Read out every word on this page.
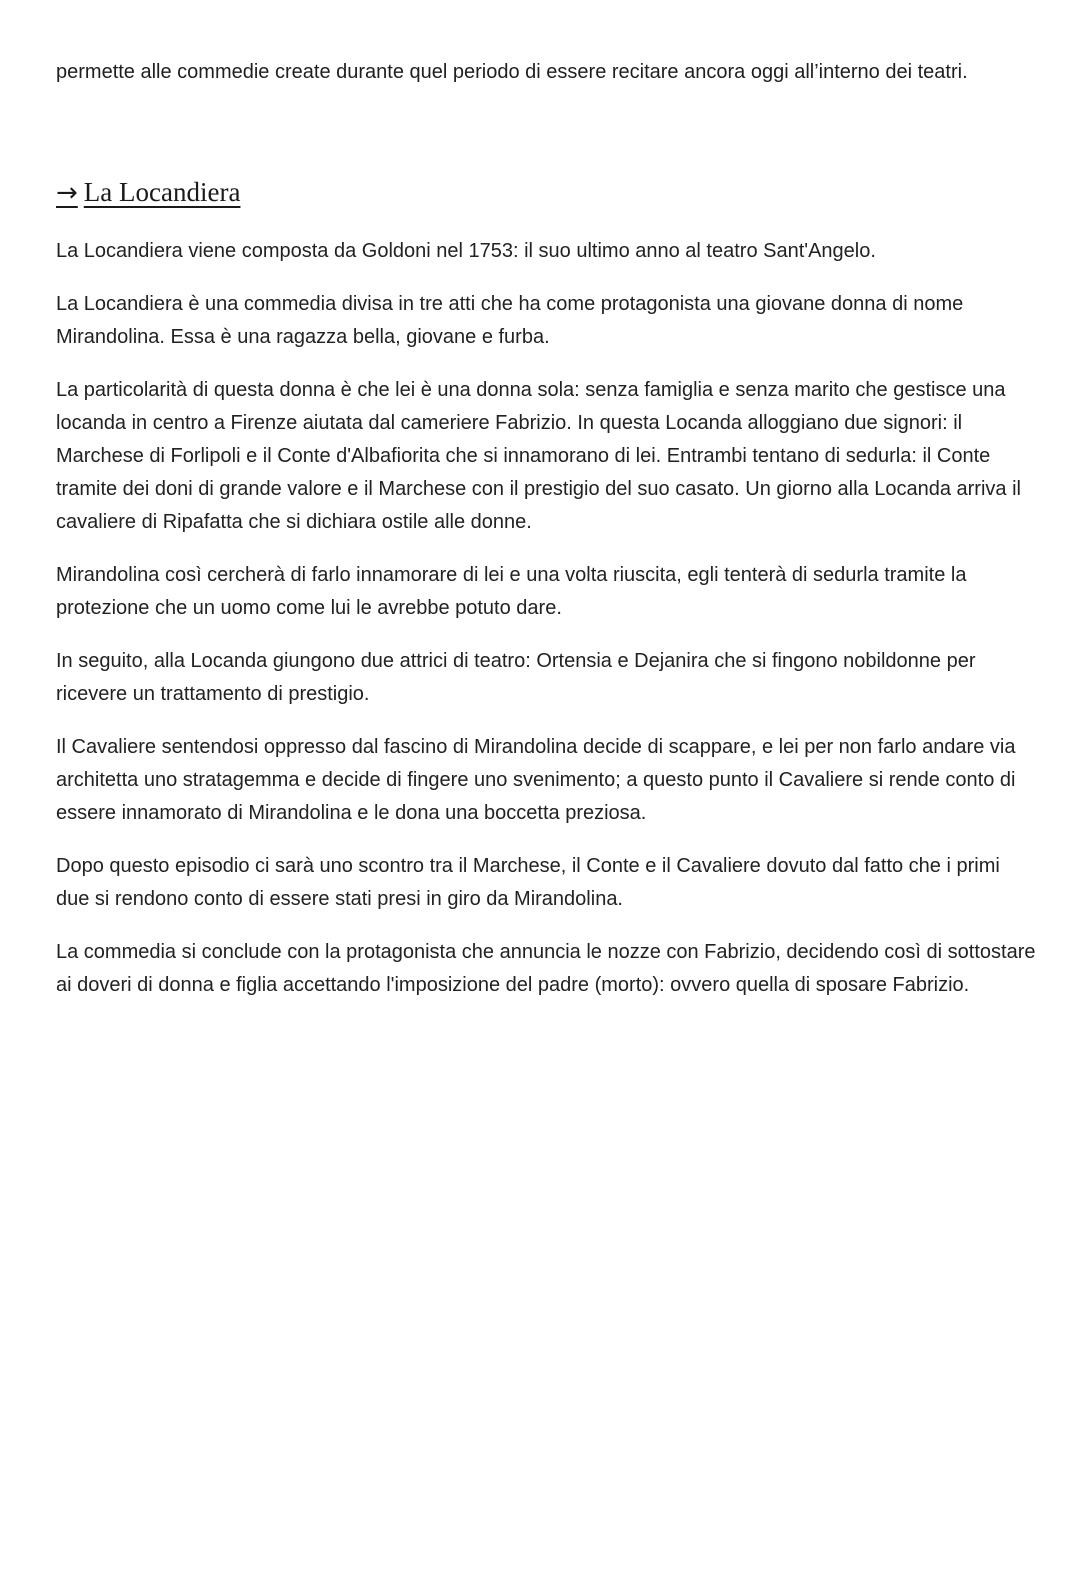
permette alle commedie create durante quel periodo di essere recitare ancora oggi all’interno dei teatri.

→ La Locandiera

La Locandiera viene composta da Goldoni nel 1753: il suo ultimo anno al teatro Sant'Angelo.

La Locandiera è una commedia divisa in tre atti che ha come protagonista una giovane donna di nome Mirandolina. Essa è una ragazza bella, giovane e furba.

La particolarità di questa donna è che lei è una donna sola: senza famiglia e senza marito che gestisce una locanda in centro a Firenze aiutata dal cameriere Fabrizio. In questa Locanda alloggiano due signori: il Marchese di Forlipoli e il Conte d'Albafiorita che si innamorano di lei. Entrambi tentano di sedurla: il Conte tramite dei doni di grande valore e il Marchese con il prestigio del suo casato. Un giorno alla Locanda arriva il cavaliere di Ripafatta che si dichiara ostile alle donne.

Mirandolina così cercherà di farlo innamorare di lei e una volta riuscita, egli tenterà di sedurla tramite la protezione che un uomo come lui le avrebbe potuto dare.

In seguito, alla Locanda giungono due attrici di teatro: Ortensia e Dejanira che si fingono nobildonne per ricevere un trattamento di prestigio.

Il Cavaliere sentendosi oppresso dal fascino di Mirandolina decide di scappare, e lei per non farlo andare via architetta uno stratagemma e decide di fingere uno svenimento; a questo punto il Cavaliere si rende conto di essere innamorato di Mirandolina e le dona una boccetta preziosa.

Dopo questo episodio ci sarà uno scontro tra il Marchese, il Conte e il Cavaliere dovuto dal fatto che i primi due si rendono conto di essere stati presi in giro da Mirandolina.

La commedia si conclude con la protagonista che annuncia le nozze con Fabrizio, decidendo così di sottostare ai doveri di donna e figlia accettando l'imposizione del padre (morto): ovvero quella di sposare Fabrizio.
